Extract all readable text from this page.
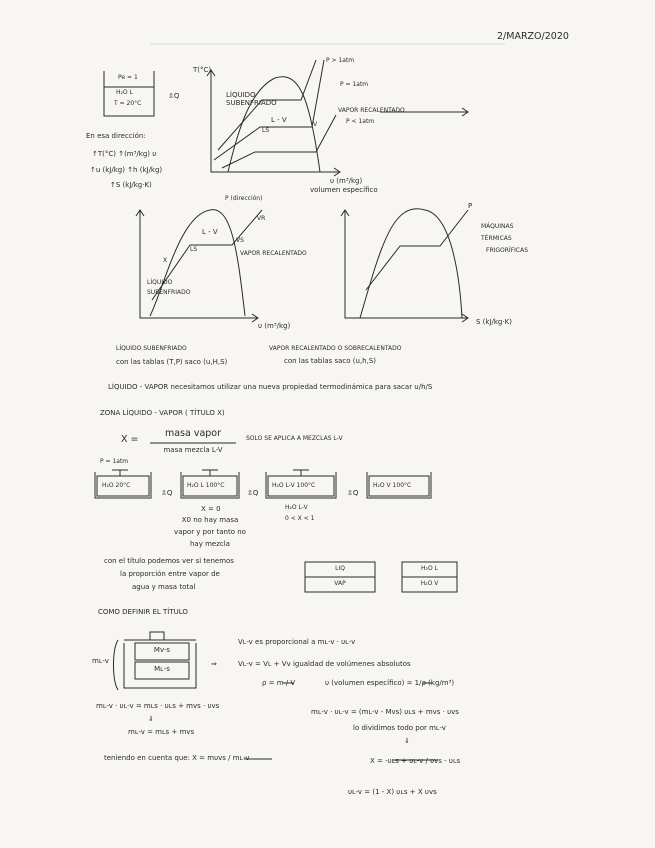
2/MARZO/2020
Pe = 1
H₂O L
T = 20°C
⇫Q
T(°C)
LÍQUIDO SUBENFRIADO
L - V
LS
V
P > 1atm
P = 1atm
VAPOR RECALENTADO
P < 1atm
υ (m³/kg)
volumen específico
En esa dirección:
↑T(°C) ↑(m³/kg) υ
↑u (kJ/kg) ↑h (kJ/kg)
↑S (kJ/kg·K)
P (dirección)
L - V
LS
VS
VR
X
VAPOR RECALENTADO
LÍQUIDO SUBENFRIADO
υ (m³/kg)
P
MÁQUINAS
TÉRMICAS
FRIGORÍFICAS
S (kJ/kg·K)
LÍQUIDO SUBENFRIADO
con las tablas (T,P) saco (u,H,S)
VAPOR RECALENTADO O SOBRECALENTADO
con las tablas saco (u,h,S)
LÍQUIDO - VAPOR necesitamos utilizar una nueva propiedad termodinámica para sacar u/h/S
ZONA LÍQUIDO - VAPOR ( TÍTULO X)
X =
masa vapor
masa mezcla L-V
SOLO SE APLICA A MEZCLAS L-V
P = 1atm
H₂O 20°C	H₂O L 100°C	H₂O L-V 100°C	H₂O V 100°C
⇫Q	⇫Q	⇫Q
X = 0
X0 no hay masa
vapor y por tanto no
hay mezcla
H₂O L-V
0 < X < 1
con el título podemos ver si tenemos
la proporción entre vapor de
agua y masa total
LIQ
VAP
H₂O L
H₂O V
COMO DEFINIR EL TÍTULO
mʟ-v
Mv-s
Mʟ-s
⇒
Vʟ-v es proporcional a mʟ-v · υʟ-v
Vʟ-v = Vʟ + Vv igualdad de volúmenes absolutos
ρ = m / V	υ (volumen específico) = 1/ρ (kg/m³)
mʟ-v · υʟ-v = mʟs · υʟs + mvs · υvs
⇓
mʟ-v = mʟs + mvs
teniendo en cuenta que: X = mυvs / mʟ-v
mʟ-v · υʟ-v = (mʟ-v - Mvs) υʟs + mvs · υvs
lo dividimos todo por mʟ-v
⇓
X = -υʟs + υʟ-v / υvs - υʟs
υʟ-v = (1 - X) υʟs + X υvs
